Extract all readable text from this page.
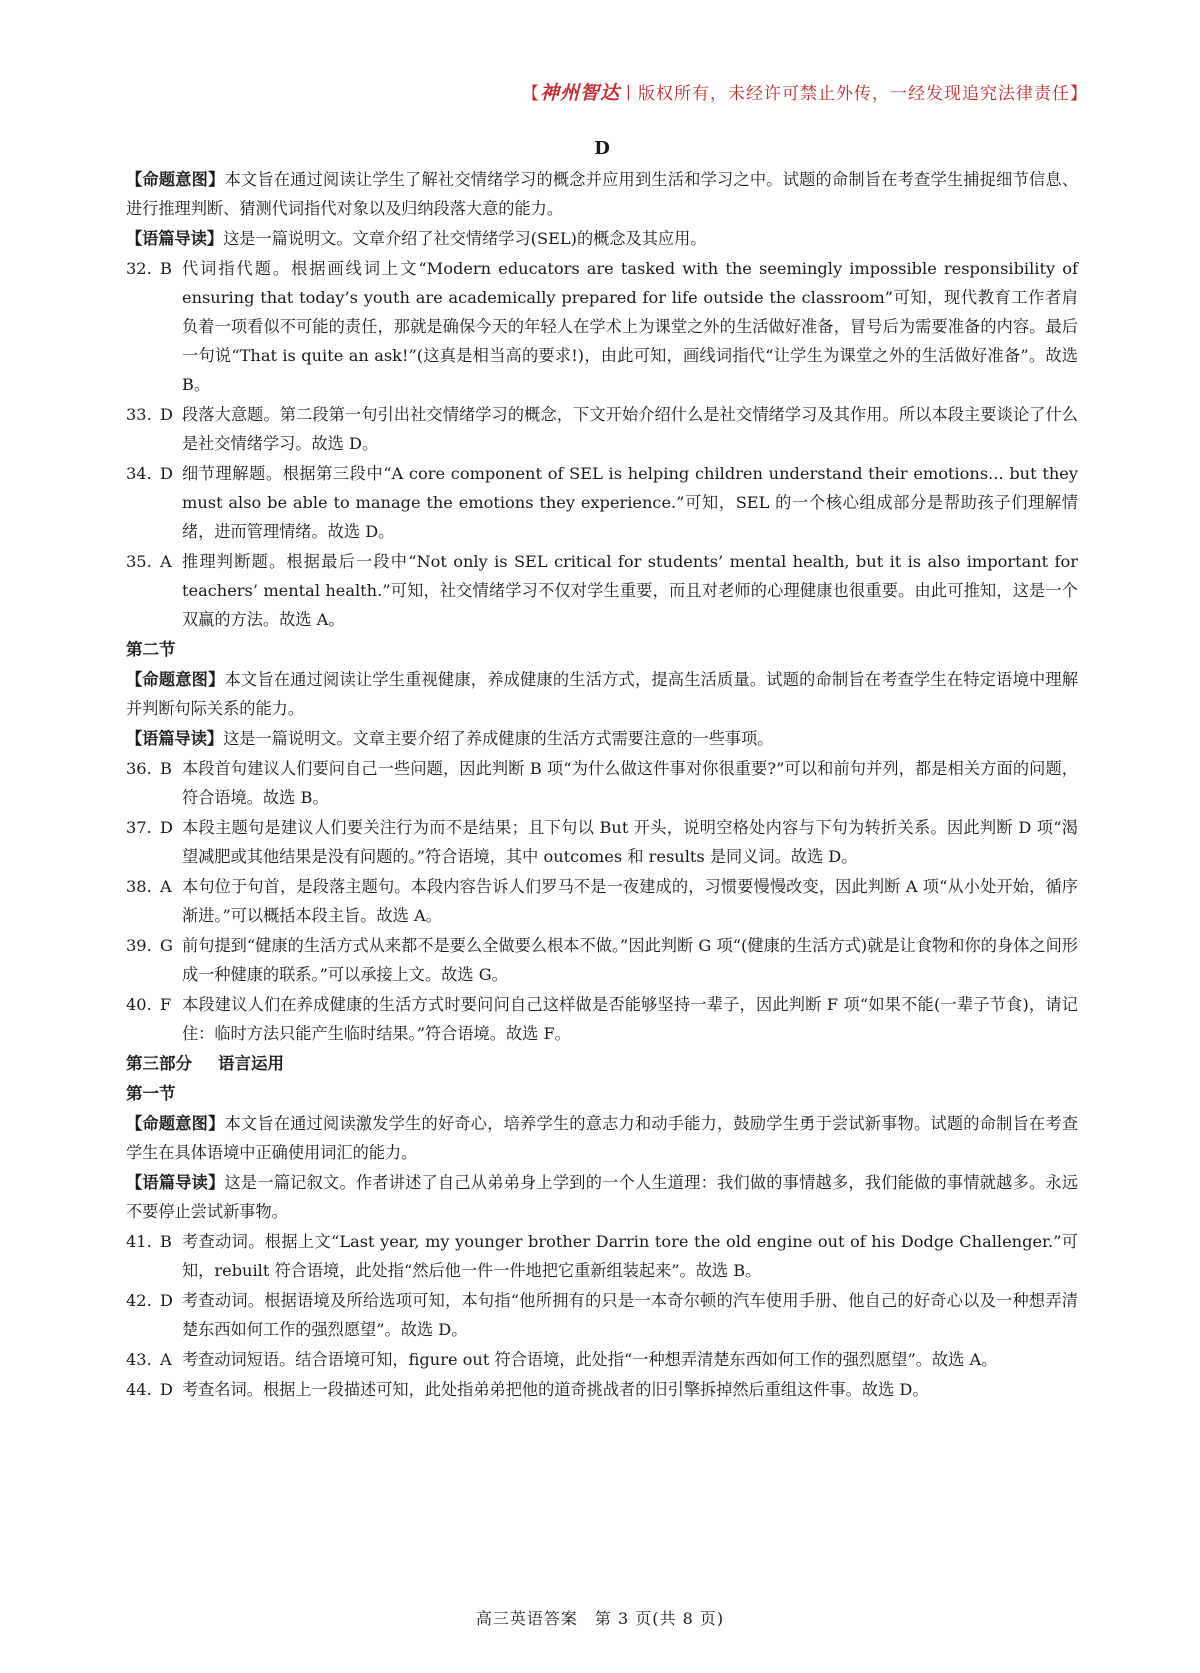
【神州智达丨版权所有，未经许可禁止外传，一经发现追究法律责任】
D

【命题意图】本文旨在通过阅读让学生了解社交情绪学习的概念并应用到生活和学习之中。试题的命制旨在考查学生捕捉细节信息、进行推理判断、猜测代词指代对象以及归纳段落大意的能力。

【语篇导读】这是一篇说明文。文章介绍了社交情绪学习(SEL)的概念及其应用。

32. B 代词指代题。根据画线词上文“Modern educators are tasked with the seemingly impossible responsibility of ensuring that today’s youth are academically prepared for life outside the classroom”可知，现代教育工作者肩负着一项看似不可能的责任，那就是确保今天的年轻人在学术上为课堂之外的生活做好准备，冒号后为需要准备的内容。最后一句说“That is quite an ask!”(这真是相当高的要求!)，由此可知，画线词指代“让学生为课堂之外的生活做好准备”。故选 B。
33. D 段落大意题。第二段第一句引出社交情绪学习的概念，下文开始介绍什么是社交情绪学习及其作用。所以本段主要谈论了什么是社交情绪学习。故选 D。
34. D 细节理解题。根据第三段中“A core component of SEL is helping children understand their emotions... but they must also be able to manage the emotions they experience.”可知，SEL 的一个核心组成部分是帮助孩子们理解情绪，进而管理情绪。故选 D。
35. A 推理判断题。根据最后一段中“Not only is SEL critical for students’ mental health, but it is also important for teachers’ mental health.”可知，社交情绪学习不仅对学生重要，而且对老师的心理健康也很重要。由此可推知，这是一个双赢的方法。故选 A。

第二节

【命题意图】本文旨在通过阅读让学生重视健康，养成健康的生活方式，提高生活质量。试题的命制旨在考查学生在特定语境中理解并判断句际关系的能力。

【语篇导读】这是一篇说明文。文章主要介绍了养成健康的生活方式需要注意的一些事项。

36. B 本段首句建议人们要问自己一些问题，因此判断 B 项“为什么做这件事对你很重要?”可以和前句并列，都是相关方面的问题，符合语境。故选 B。
37. D 本段主题句是建议人们要关注行为而不是结果；且下句以 But 开头，说明空格处内容与下句为转折关系。因此判断 D 项“渴望减肥或其他结果是没有问题的。”符合语境，其中 outcomes 和 results 是同义词。故选 D。
38. A 本句位于句首，是段落主题句。本段内容告诉人们罗马不是一夜建成的，习惯要慢慢改变，因此判断 A 项“从小处开始，循序渐进。”可以概括本段主旨。故选 A。
39. G 前句提到“健康的生活方式从来都不是要么全做要么根本不做。”因此判断 G 项“(健康的生活方式)就是让食物和你的身体之间形成一种健康的联系。”可以承接上文。故选 G。
40. F 本段建议人们在养成健康的生活方式时要问问自己这样做是否能够坚持一辈子，因此判断 F 项“如果不能(一辈子节食)，请记住：临时方法只能产生临时结果。”符合语境。故选 F。

第三部分 语言运用

第一节

【命题意图】本文旨在通过阅读激发学生的好奇心，培养学生的意志力和动手能力，鼓励学生勇于尝试新事物。试题的命制旨在考查学生在具体语境中正确使用词汇的能力。

【语篇导读】这是一篇记叙文。作者讲述了自己从弟弟身上学到的一个人生道理：我们做的事情越多，我们能做的事情就越多。永远不要停止尝试新事物。

41. B 考查动词。根据上文“Last year, my younger brother Darrin tore the old engine out of his Dodge Challenger.”可知，rebuilt 符合语境，此处指“然后他一件一件地把它重新组装起来”。故选 B。
42. D 考查动词。根据语境及所给选项可知，本句指“他所拥有的只是一本奇尔顿的汽车使用手册、他自己的好奇心以及一种想弄清楚东西如何工作的强烈愿望”。故选 D。
43. A 考查动词短语。结合语境可知，figure out 符合语境，此处指“一种想弄清楚东西如何工作的强烈愿望”。故选 A。
44. D 考查名词。根据上一段描述可知，此处指弟弟把他的道奇挑战者的旧引擎拆掉然后重组这件事。故选 D。
高三英语答案　第 3 页(共 8 页)
